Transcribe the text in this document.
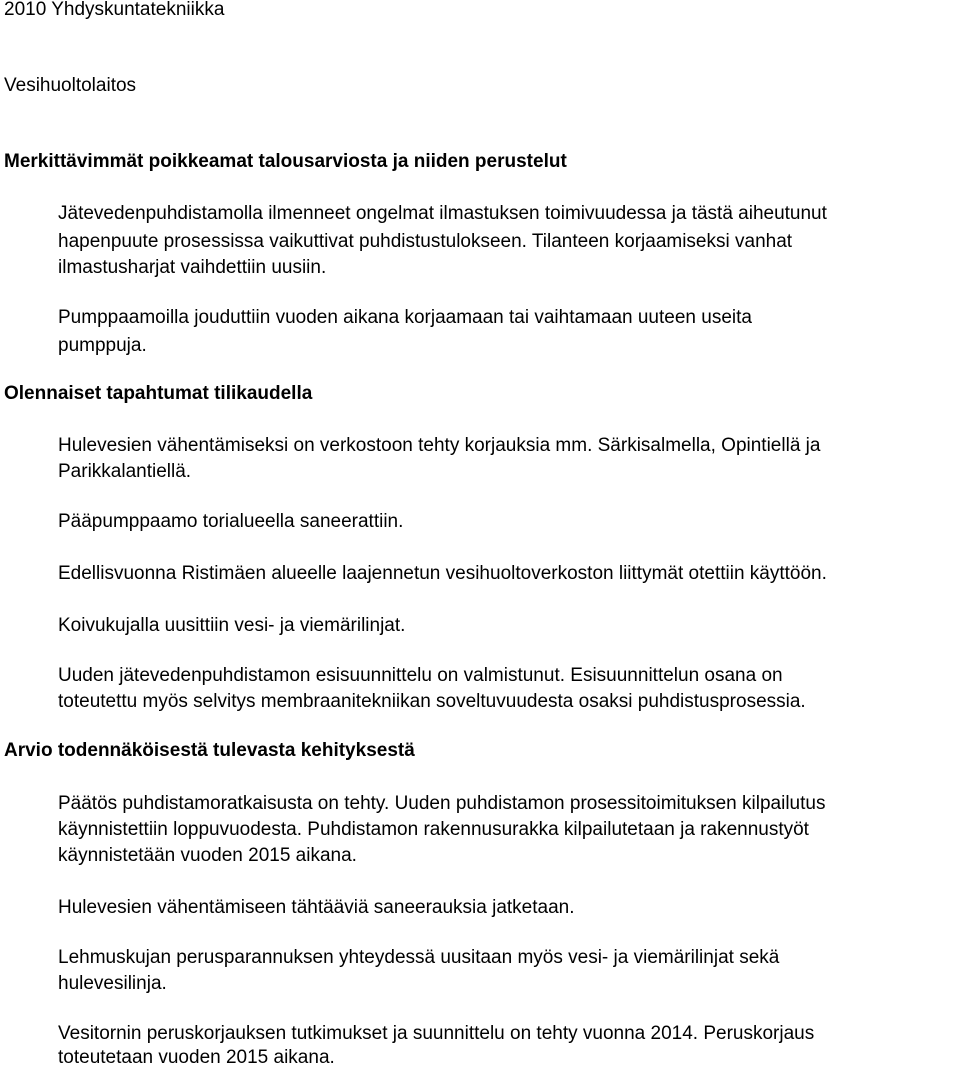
2010 Yhdyskuntatekniikka

Vesihuoltolaitos

Merkittävimmät poikkeamat talousarviosta ja niiden perustelut

Jätevedenpuhdistamolla ilmenneet ongelmat ilmastuksen toimivuudessa ja tästä aiheutunut

hapenpuute prosessissa vaikuttivat puhdistustulokseen. Tilanteen korjaamiseksi vanhat

ilmastusharjat vaihdettiin uusiin.

Pumppaamoilla jouduttiin vuoden aikana korjaamaan tai vaihtamaan uuteen useita

pumppuja.

Olennaiset tapahtumat tilikaudella

Hulevesien vähentämiseksi on verkostoon tehty korjauksia mm. Särkisalmella, Opintiellä ja

Parikkalantiellä.

Pääpumppaamo torialueella saneerattiin.

Edellisvuonna Ristimäen alueelle laajennetun vesihuoltoverkoston liittymät otettiin käyttöön.

Koivukujalla uusittiin vesi- ja viemärilinjat.

Uuden jätevedenpuhdistamon esisuunnittelu on valmistunut. Esisuunnittelun osana on

toteutettu myös selvitys membraanitekniikan soveltuvuudesta osaksi puhdistusprosessia.

Arvio todennäköisestä tulevasta kehityksestä

Päätös puhdistamoratkaisusta on tehty. Uuden puhdistamon prosessitoimituksen kilpailutus

käynnistettiin loppuvuodesta. Puhdistamon rakennusurakka kilpailutetaan ja rakennustyöt

käynnistetään vuoden 2015 aikana.

Hulevesien vähentämiseen tähtääviä saneerauksia jatketaan.

Lehmuskujan perusparannuksen yhteydessä uusitaan myös vesi- ja viemärilinjat sekä

hulevesilinja.

Vesitornin peruskorjauksen tutkimukset ja suunnittelu on tehty vuonna 2014. Peruskorjaus

toteutetaan vuoden 2015 aikana.
